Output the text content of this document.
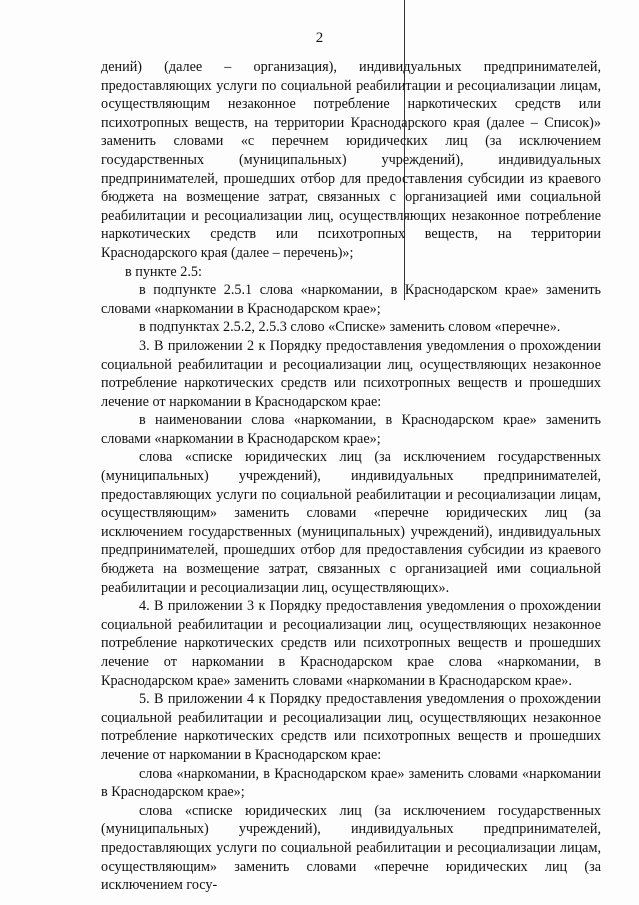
2

дений) (далее – организация), индивидуальных предпринимателей, предоставляющих услуги по социальной реабилитации и ресоциализации лицам, осуществляющим незаконное потребление наркотических средств или психотропных веществ, на территории Краснодарского края (далее – Список)» заменить словами «с перечнем юридических лиц (за исключением государственных (муниципальных) учреждений), индивидуальных предпринимателей, прошедших отбор для предоставления субсидии из краевого бюджета на возмещение затрат, связанных с организацией ими социальной реабилитации и ресоциализации лиц, осуществляющих незаконное потребление наркотических средств или психотропных веществ, на территории Краснодарского края (далее – перечень)»;

в пункте 2.5:

в подпункте 2.5.1 слова «наркомании, в Краснодарском крае» заменить словами «наркомании в Краснодарском крае»;

в подпунктах 2.5.2, 2.5.3 слово «Списке» заменить словом «перечне».

3. В приложении 2 к Порядку предоставления уведомления о прохождении социальной реабилитации и ресоциализации лиц, осуществляющих незаконное потребление наркотических средств или психотропных веществ и прошедших лечение от наркомании в Краснодарском крае:

в наименовании слова «наркомании, в Краснодарском крае» заменить словами «наркомании в Краснодарском крае»;

слова «списке юридических лиц (за исключением государственных (муниципальных) учреждений), индивидуальных предпринимателей, предоставляющих услуги по социальной реабилитации и ресоциализации лицам, осуществляющим» заменить словами «перечне юридических лиц (за исключением государственных (муниципальных) учреждений), индивидуальных предпринимателей, прошедших отбор для предоставления субсидии из краевого бюджета на возмещение затрат, связанных с организацией ими социальной реабилитации и ресоциализации лиц, осуществляющих».

4. В приложении 3 к Порядку предоставления уведомления о прохождении социальной реабилитации и ресоциализации лиц, осуществляющих незаконное потребление наркотических средств или психотропных веществ и прошедших лечение от наркомании в Краснодарском крае слова «наркомании, в Краснодарском крае» заменить словами «наркомании в Краснодарском крае».

5. В приложении 4 к Порядку предоставления уведомления о прохождении социальной реабилитации и ресоциализации лиц, осуществляющих незаконное потребление наркотических средств или психотропных веществ и прошедших лечение от наркомании в Краснодарском крае:

слова «наркомании, в Краснодарском крае» заменить словами «наркомании в Краснодарском крае»;

слова «списке юридических лиц (за исключением государственных (муниципальных) учреждений), индивидуальных предпринимателей, предоставляющих услуги по социальной реабилитации и ресоциализации лицам, осуществляющим» заменить словами «перечне юридических лиц (за исключением госу-
